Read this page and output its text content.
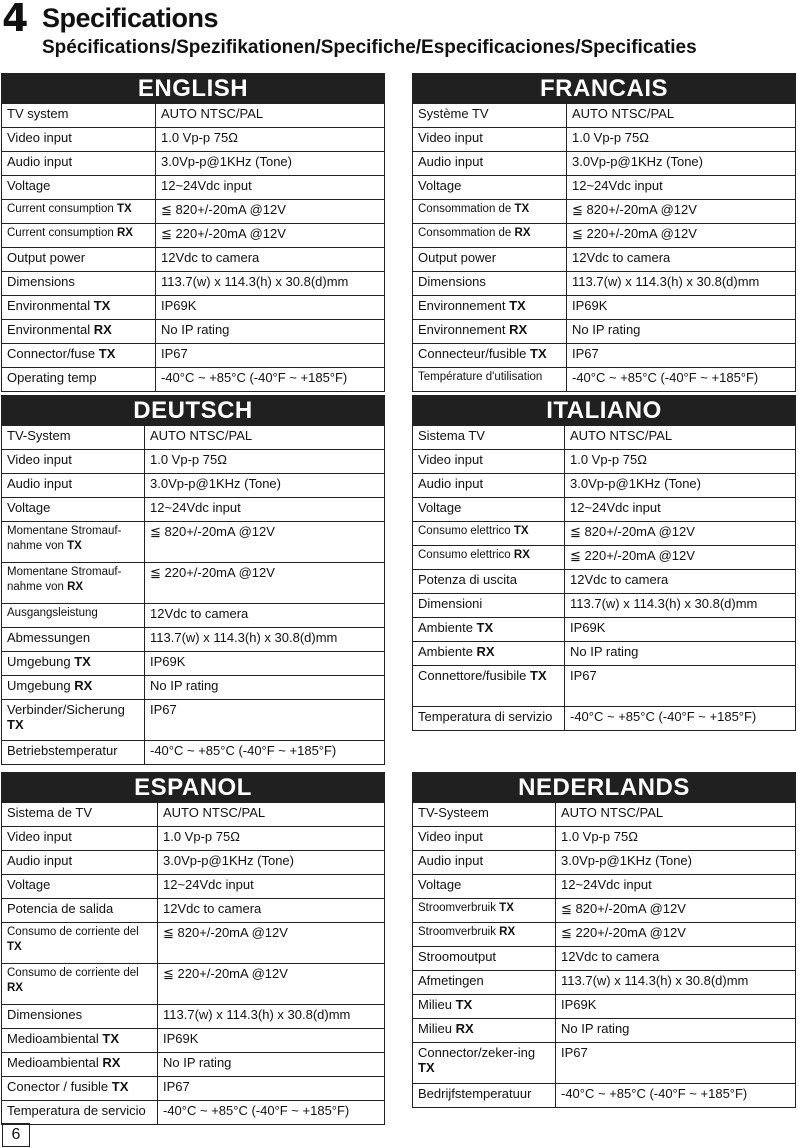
4 Specifications
Spécifications/Spezifikationen/Specifiche/Especificaciones/Specificaties
ENGLISH
TV system	AUTO NTSC/PAL
Video input	1.0 Vp-p 75Ω
Audio input	3.0Vp-p@1KHz (Tone)
Voltage	12~24Vdc input
Current consumption TX	≦ 820+/-20mA @12V
Current consumption RX	≦ 220+/-20mA @12V
Output power	12Vdc to camera
Dimensions	113.7(w) x 114.3(h) x 30.8(d)mm
Environmental TX	IP69K
Environmental RX	No IP rating
Connector/fuse TX	IP67
Operating temp	-40°C ~ +85°C (-40°F ~ +185°F)
FRANCAIS
Système TV	AUTO NTSC/PAL
Video input	1.0 Vp-p 75Ω
Audio input	3.0Vp-p@1KHz (Tone)
Voltage	12~24Vdc input
Consommation de TX	≦ 820+/-20mA @12V
Consommation de RX	≦ 220+/-20mA @12V
Output power	12Vdc to camera
Dimensions	113.7(w) x 114.3(h) x 30.8(d)mm
Environnement TX	IP69K
Environnement RX	No IP rating
Connecteur/fusible TX	IP67
Température d'utilisation	-40°C ~ +85°C (-40°F ~ +185°F)
DEUTSCH
TV-System	AUTO NTSC/PAL
Video input	1.0 Vp-p 75Ω
Audio input	3.0Vp-p@1KHz (Tone)
Voltage	12~24Vdc input
Momentane Stromauf-nahme von TX	≦ 820+/-20mA @12V
Momentane Stromauf-nahme von RX	≦ 220+/-20mA @12V
Ausgangsleistung	12Vdc to camera
Abmessungen	113.7(w) x 114.3(h) x 30.8(d)mm
Umgebung TX	IP69K
Umgebung RX	No IP rating
Verbinder/Sicherung TX	IP67
Betriebstemperatur	-40°C ~ +85°C (-40°F ~ +185°F)
ITALIANO
Sistema TV	AUTO NTSC/PAL
Video input	1.0 Vp-p 75Ω
Audio input	3.0Vp-p@1KHz (Tone)
Voltage	12~24Vdc input
Consumo elettrico TX	≦ 820+/-20mA @12V
Consumo elettrico RX	≦ 220+/-20mA @12V
Potenza di uscita	12Vdc to camera
Dimensioni	113.7(w) x 114.3(h) x 30.8(d)mm
Ambiente TX	IP69K
Ambiente RX	No IP rating
Connettore/fusibile TX	IP67
Temperatura di servizio	-40°C ~ +85°C (-40°F ~ +185°F)
ESPANOL
Sistema de TV	AUTO NTSC/PAL
Video input	1.0 Vp-p 75Ω
Audio input	3.0Vp-p@1KHz (Tone)
Voltage	12~24Vdc input
Potencia de salida	12Vdc to camera
Consumo de corriente del TX	≦ 820+/-20mA @12V
Consumo de corriente del RX	≦ 220+/-20mA @12V
Dimensiones	113.7(w) x 114.3(h) x 30.8(d)mm
Medioambiental TX	IP69K
Medioambiental RX	No IP rating
Conector / fusible TX	IP67
Temperatura de servicio	-40°C ~ +85°C (-40°F ~ +185°F)
NEDERLANDS
TV-Systeem	AUTO NTSC/PAL
Video input	1.0 Vp-p 75Ω
Audio input	3.0Vp-p@1KHz (Tone)
Voltage	12~24Vdc input
Stroomverbruik TX	≦ 820+/-20mA @12V
Stroomverbruik RX	≦ 220+/-20mA @12V
Stroomoutput	12Vdc to camera
Afmetingen	113.7(w) x 114.3(h) x 30.8(d)mm
Milieu TX	IP69K
Milieu RX	No IP rating
Connector/zeker-ing TX	IP67
Bedrijfstemperatuur	-40°C ~ +85°C (-40°F ~ +185°F)
6
